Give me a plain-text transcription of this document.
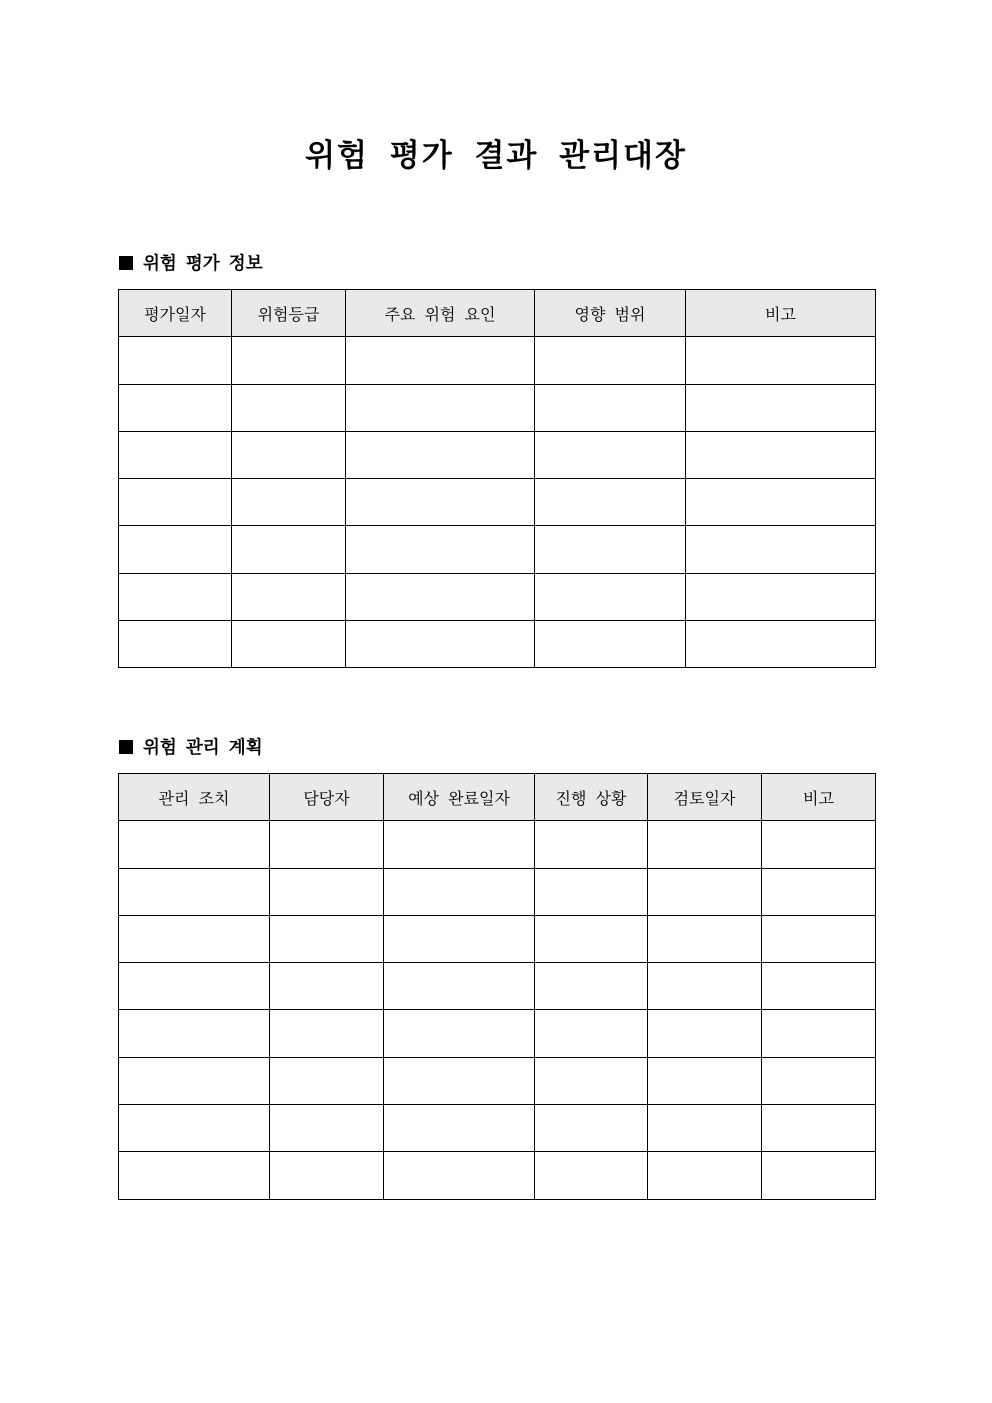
위험 평가 결과 관리대장
위험 평가 정보
평가일자	위험등급	주요 위험 요인	영향 범위	비고

위험 관리 계획
관리 조치	담당자	예상 완료일자	진행 상황	검토일자	비고
